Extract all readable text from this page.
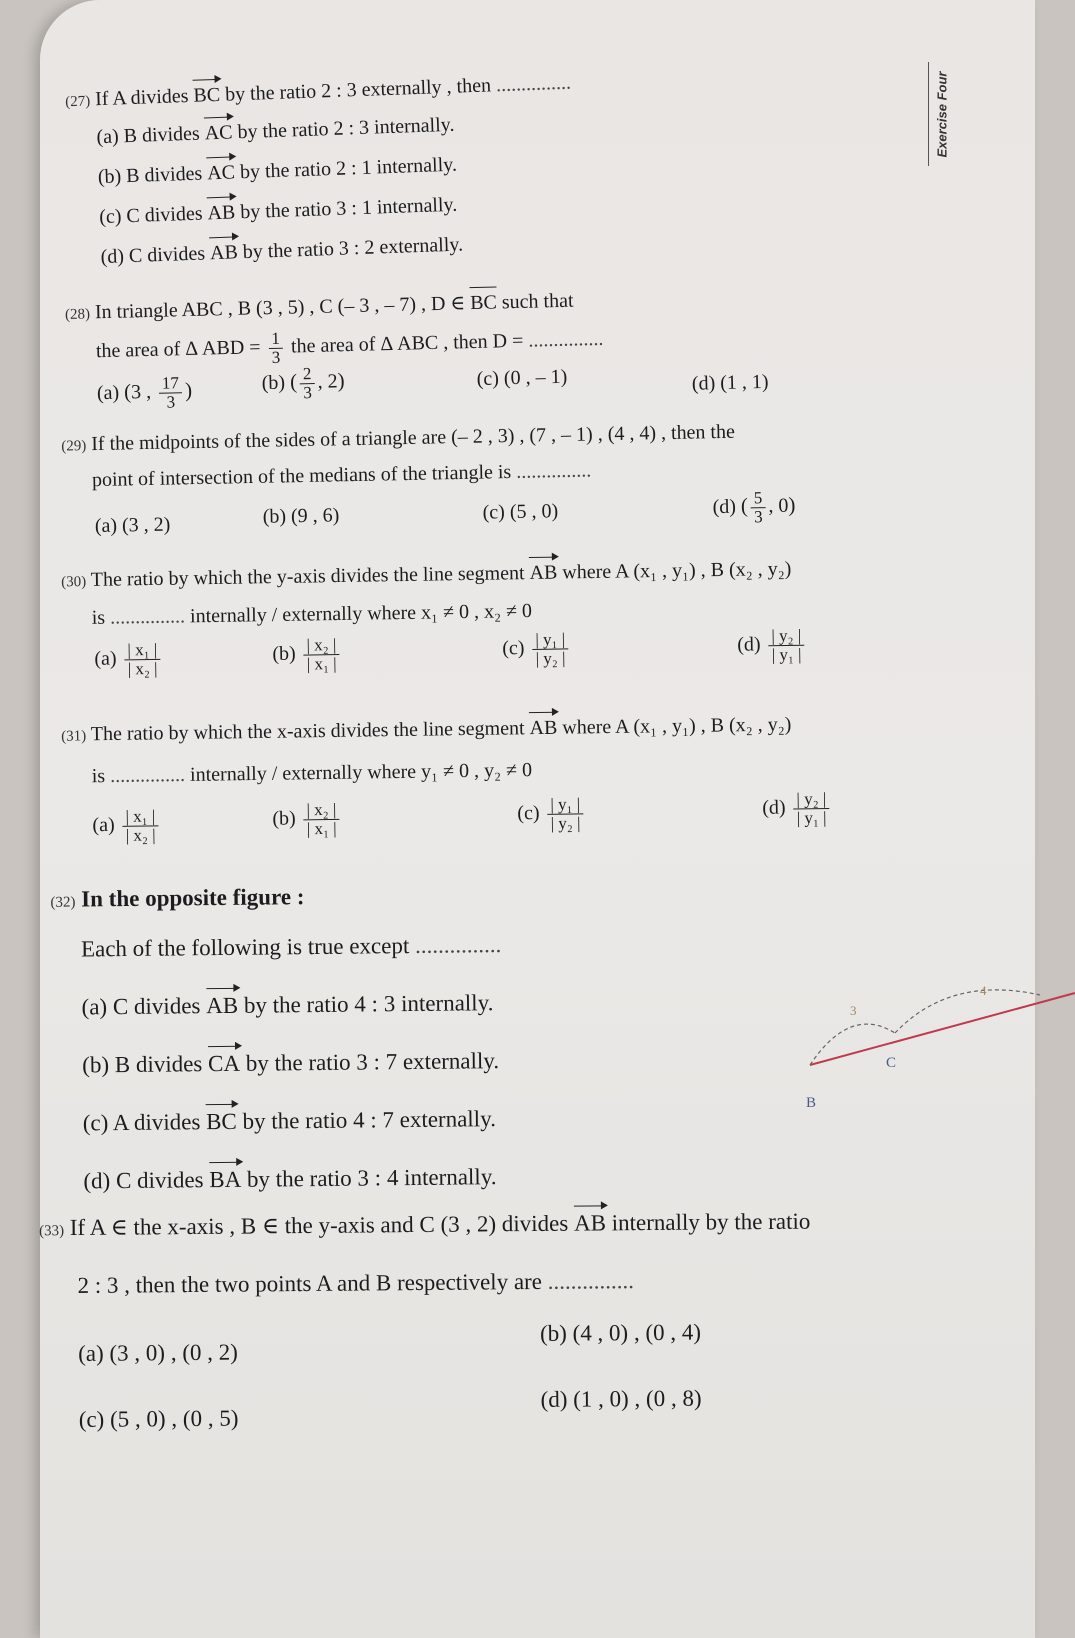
Exercise Four
(27) If A divides BC by the ratio 2 : 3 externally , then ...............
(a) B divides AC by the ratio 2 : 3 internally.
(b) B divides AC by the ratio 2 : 1 internally.
(c) C divides AB by the ratio 3 : 1 internally.
(d) C divides AB by the ratio 3 : 2 externally.
(28) In triangle ABC , B (3 , 5) , C (– 3 , – 7) , D ∈ BC such that
the area of Δ ABD = $\frac{1}{3}$ the area of Δ ABC , then D = ...............
(a) (3 , $\frac{17}{3}$ )	(b) ( $\frac{2}{3}$ , 2)	(c) (0 , – 1)	(d) (1 , 1)
(29) If the midpoints of the sides of a triangle are (– 2 , 3) , (7 , – 1) , (4 , 4) , then the
point of intersection of the medians of the triangle is ...............
(a) (3 , 2)	(b) (9 , 6)	(c) (5 , 0)	(d) ( $\frac{5}{3}$ , 0)
(30) The ratio by which the y-axis divides the line segment AB where A (x₁ , y₁) , B (x₂ , y₂)
is ............... internally / externally where x₁ ≠ 0 , x₂ ≠ 0
$(a) \frac{\text{| x₁ |}}{\text{| x₂ |}}$	$(b) \frac{\text{| x₂ |}}{\text{| x₁ |}}$	$(c) \frac{\text{| y₁ |}}{\text{| y₂ |}}$	$(d) \frac{\text{| y₂ |}}{\text{| y₁ |}}$
(31) The ratio by which the x-axis divides the line segment AB where A (x₁ , y₁) , B (x₂ , y₂)
is ............... internally / externally where y₁ ≠ 0 , y₂ ≠ 0
$(a) \frac{\text{| x₁ |}}{\text{| x₂ |}}$	$(b) \frac{\text{| x₂ |}}{\text{| x₁ |}}$	$(c) \frac{\text{| y₁ |}}{\text{| y₂ |}}$	$(d) \frac{\text{| y₂ |}}{\text{| y₁ |}}$
(32) In the opposite figure :
Each of the following is true except ...............
(a) C divides AB by the ratio 4 : 3 internally.
(b) B divides CA by the ratio 3 : 7 externally.
(c) A divides BC by the ratio 4 : 7 externally.
(d) C divides BA by the ratio 3 : 4 internally.
B
C
3
4
(33) If A ∈ the x-axis , B ∈ the y-axis and C (3 , 2) divides AB internally by the ratio
2 : 3 , then the two points A and B respectively are ...............
(a) (3 , 0) , (0 , 2)
(b) (4 , 0) , (0 , 4)
(c) (5 , 0) , (0 , 5)
(d) (1 , 0) , (0 , 8)
